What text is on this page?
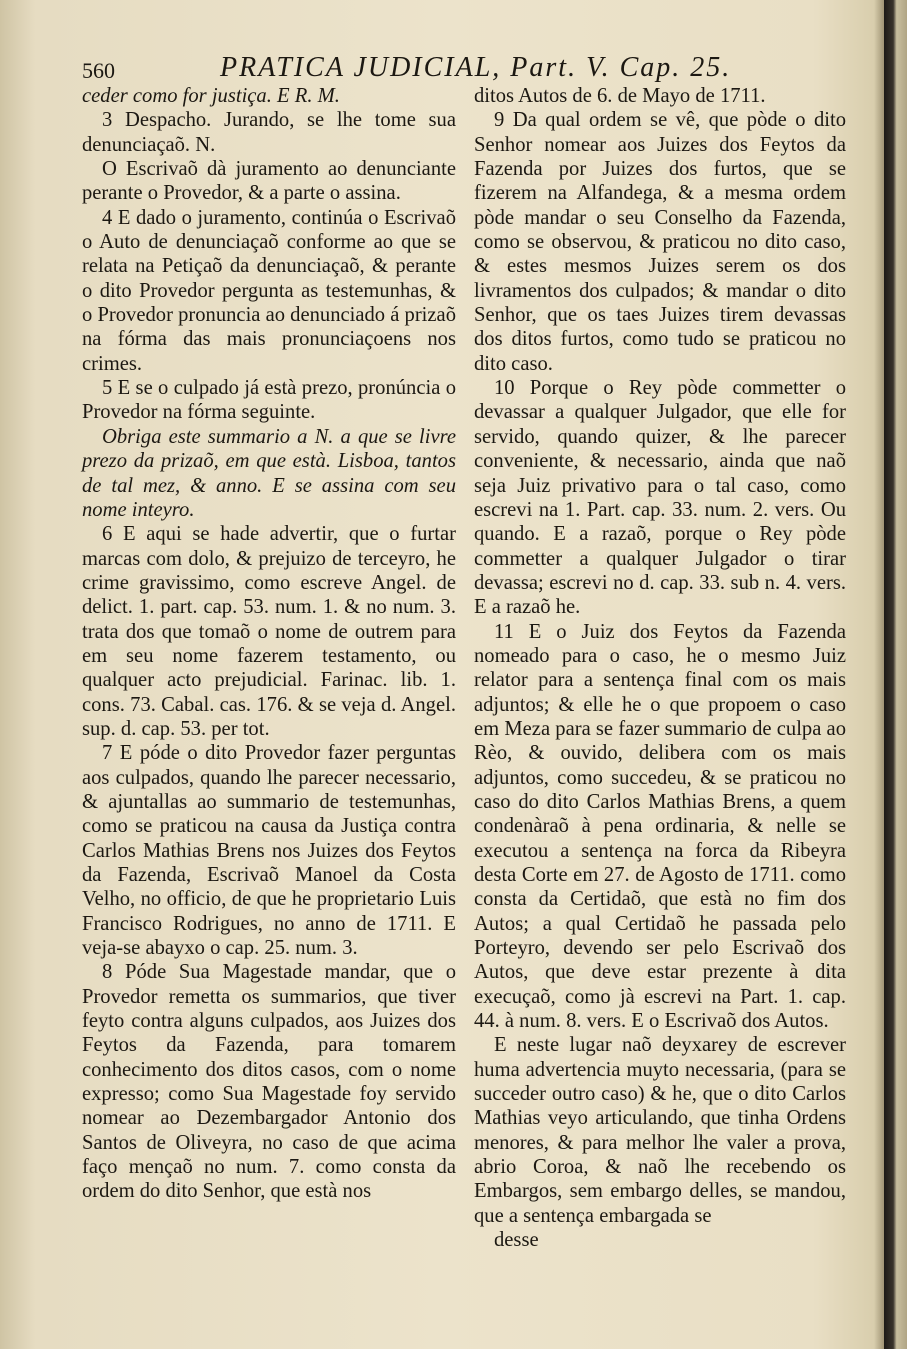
560	PRATICA JUDICIAL, Part. V. Cap. 25.

ceder como for justiça. E R. M.

3 Despacho. Jurando, se lhe tome sua denunciaçaõ. N.

O Escrivaõ dà juramento ao denunciante perante o Provedor, & a parte o assina.

4 E dado o juramento, continúa o Escrivaõ o Auto de denunciaçaõ conforme ao que se relata na Petiçaõ da denunciaçaõ, & perante o dito Provedor pergunta as testemunhas, & o Provedor pronuncia ao denunciado á prizaõ na fórma das mais pronunciaçoens nos crimes.

5 E se o culpado já està prezo, pronúncia o Provedor na fórma seguinte.

Obriga este summario a N. a que se livre prezo da prizaõ, em que està. Lisboa, tantos de tal mez, & anno. E se assina com seu nome inteyro.

6 E aqui se hade advertir, que o furtar marcas com dolo, & prejuizo de terceyro, he crime gravissimo, como escreve Angel. de delict. 1. part. cap. 53. num. 1. & no num. 3. trata dos que tomaõ o nome de outrem para em seu nome fazerem testamento, ou qualquer acto prejudicial. Farinac. lib. 1. cons. 73. Cabal. cas. 176. & se veja d. Angel. sup. d. cap. 53. per tot.

7 E póde o dito Provedor fazer perguntas aos culpados, quando lhe parecer necessario, & ajuntallas ao summario de testemunhas, como se praticou na causa da Justiça contra Carlos Mathias Brens nos Juizes dos Feytos da Fazenda, Escrivaõ Manoel da Costa Velho, no officio, de que he proprietario Luis Francisco Rodrigues, no anno de 1711. E veja-se abayxo o cap. 25. num. 3.

8 Póde Sua Magestade mandar, que o Provedor remetta os summarios, que tiver feyto contra alguns culpados, aos Juizes dos Feytos da Fazenda, para tomarem conhecimento dos ditos casos, com o nome expresso; como Sua Magestade foy servido nomear ao Dezembargador Antonio dos Santos de Oliveyra, no caso de que acima faço mençaõ no num. 7. como consta da ordem do dito Senhor, que està nos

ditos Autos de 6. de Mayo de 1711.

9 Da qual ordem se vê, que pòde o dito Senhor nomear aos Juizes dos Feytos da Fazenda por Juizes dos furtos, que se fizerem na Alfandega, & a mesma ordem pòde mandar o seu Conselho da Fazenda, como se observou, & praticou no dito caso, & estes mesmos Juizes serem os dos livramentos dos culpados; & mandar o dito Senhor, que os taes Juizes tirem devassas dos ditos furtos, como tudo se praticou no dito caso.

10 Porque o Rey pòde commetter o devassar a qualquer Julgador, que elle for servido, quando quizer, & lhe parecer conveniente, & necessario, ainda que naõ seja Juiz privativo para o tal caso, como escrevi na 1. Part. cap. 33. num. 2. vers. Ou quando. E a razaõ, porque o Rey pòde commetter a qualquer Julgador o tirar devassa; escrevi no d. cap. 33. sub n. 4. vers. E a razaõ he.

11 E o Juiz dos Feytos da Fazenda nomeado para o caso, he o mesmo Juiz relator para a sentença final com os mais adjuntos; & elle he o que propoem o caso em Meza para se fazer summario de culpa ao Rèo, & ouvido, delibera com os mais adjuntos, como succedeu, & se praticou no caso do dito Carlos Mathias Brens, a quem condenàraõ à pena ordinaria, & nelle se executou a sentença na forca da Ribeyra desta Corte em 27. de Agosto de 1711. como consta da Certidaõ, que està no fim dos Autos; a qual Certidaõ he passada pelo Porteyro, devendo ser pelo Escrivaõ dos Autos, que deve estar prezente à dita execuçaõ, como jà escrevi na Part. 1. cap. 44. à num. 8. vers. E o Escrivaõ dos Autos.

E neste lugar naõ deyxarey de escrever huma advertencia muyto necessaria, (para se succeder outro caso) & he, que o dito Carlos Mathias veyo articulando, que tinha Ordens menores, & para melhor lhe valer a prova, abrio Coroa, & naõ lhe recebendo os Embargos, sem embargo delles, se mandou, que a sentença embargada se

desse
